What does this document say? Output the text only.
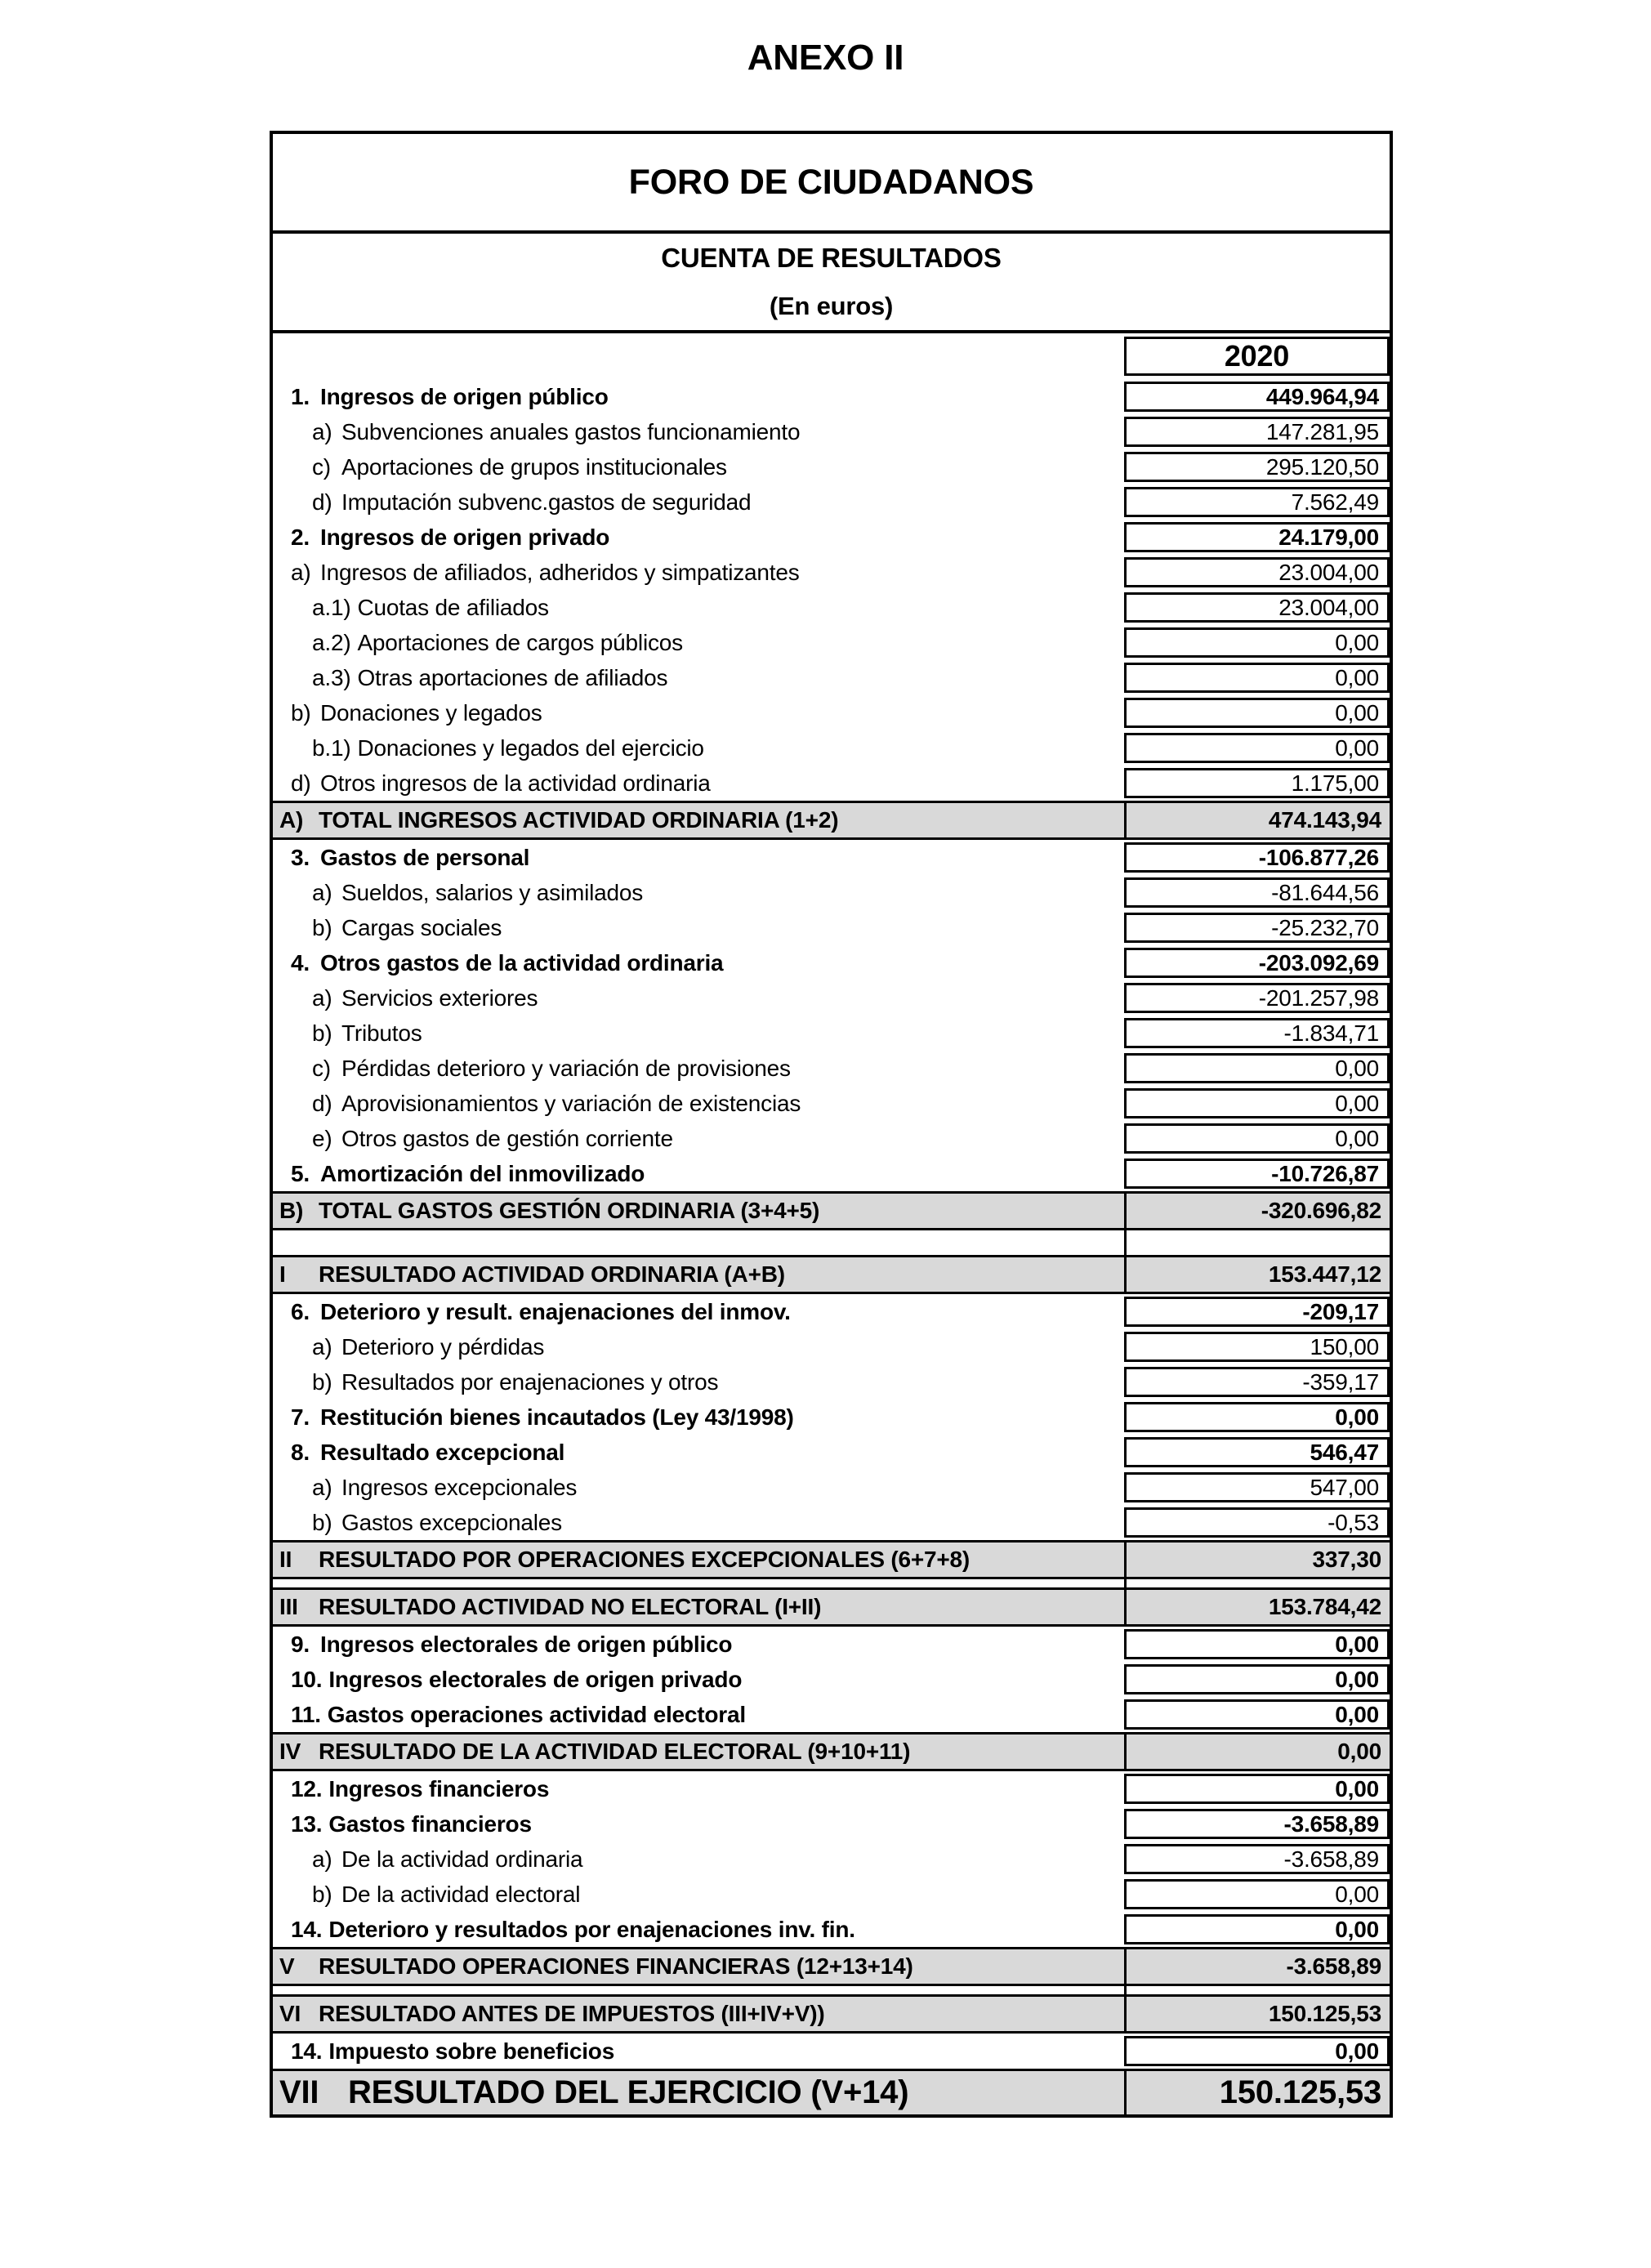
ANEXO II
FORO DE CIUDADANOS
CUENTA DE RESULTADOS
(En euros)
2020
1. Ingresos de origen público	449.964,94
a) Subvenciones anuales gastos funcionamiento	147.281,95
c) Aportaciones de grupos institucionales	295.120,50
d) Imputación subvenc.gastos de seguridad	7.562,49
2. Ingresos de origen privado	24.179,00
a) Ingresos de afiliados, adheridos y simpatizantes	23.004,00
a.1) Cuotas de afiliados	23.004,00
a.2) Aportaciones de cargos públicos	0,00
a.3) Otras aportaciones de afiliados	0,00
b) Donaciones y legados	0,00
b.1) Donaciones y legados del ejercicio	0,00
d) Otros ingresos de la actividad ordinaria	1.175,00
A) TOTAL INGRESOS ACTIVIDAD ORDINARIA (1+2)	474.143,94
3. Gastos de personal	-106.877,26
a) Sueldos, salarios y asimilados	-81.644,56
b) Cargas sociales	-25.232,70
4. Otros gastos de la actividad ordinaria	-203.092,69
a) Servicios exteriores	-201.257,98
b) Tributos	-1.834,71
c) Pérdidas deterioro y variación de provisiones	0,00
d) Aprovisionamientos y variación de existencias	0,00
e) Otros gastos de gestión corriente	0,00
5. Amortización del inmovilizado	-10.726,87
B) TOTAL GASTOS GESTIÓN ORDINARIA (3+4+5)	-320.696,82
I	RESULTADO ACTIVIDAD ORDINARIA (A+B)	153.447,12
6. Deterioro y result. enajenaciones del inmov.	-209,17
a) Deterioro y pérdidas	150,00
b) Resultados por enajenaciones y otros	-359,17
7. Restitución bienes incautados (Ley 43/1998)	0,00
8. Resultado excepcional	546,47
a) Ingresos excepcionales	547,00
b) Gastos excepcionales	-0,53
II	RESULTADO POR OPERACIONES EXCEPCIONALES (6+7+8)	337,30
III RESULTADO ACTIVIDAD NO ELECTORAL (I+II)	153.784,42
9. Ingresos electorales de origen público	0,00
10. Ingresos electorales de origen privado	0,00
11. Gastos operaciones actividad electoral	0,00
IV RESULTADO DE LA ACTIVIDAD ELECTORAL (9+10+11)	0,00
12. Ingresos financieros	0,00
13. Gastos financieros	-3.658,89
a) De la actividad ordinaria	-3.658,89
b) De la actividad electoral	0,00
14. Deterioro y resultados por enajenaciones inv. fin.	0,00
V	RESULTADO OPERACIONES FINANCIERAS (12+13+14)	-3.658,89
VI RESULTADO ANTES DE IMPUESTOS (III+IV+V))	150.125,53
14. Impuesto sobre beneficios	0,00
VII RESULTADO DEL EJERCICIO (V+14)	150.125,53
